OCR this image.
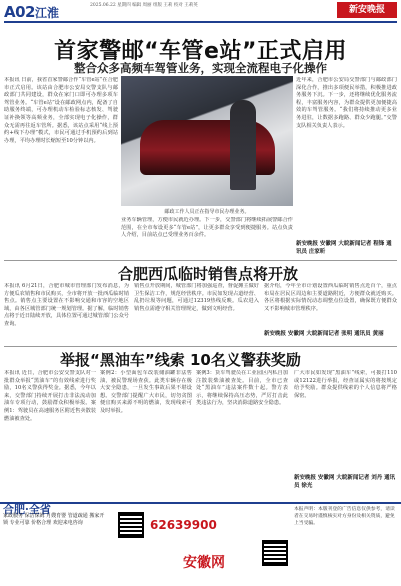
A02 江淮
2025.06.22 星期四 编辑 周丽 组版 王莉 校对 王莉英	新安晚报
首家警邮“车管e站”正式启用
整合众多高频车驾管业务，实现全流程电子化操作
本报讯 日前，我省首家警邮合作“车管e站”在合肥市正式启用。该站由合肥市公安局交警支队与邮政部门共同建设，群众在家门口即可办理多项车驾管业务。“车管e站”设在邮政网点内，配备了自助服务终端，可办理机动车检验标志核发、驾驶证补换领等高频业务，全部实现电子化操作，群众无需再往返车管所。据悉，该站点采用“线上预约+线下办理”模式，市民可通过手机预约后到站办理，平均办理时长缩短至10分钟以内。
邮政工作人员正在指导市民办理业务。
业务车辆管理，方便市民就近办理。下一步，交警部门将继续拓展警邮合作范围，在全市布设更多“车管e站”，让更多群众享受到便捷服务。站点负责人介绍，目前站点已受理业务百余件。
近年来，合肥市公安局交警部门与邮政部门深化合作，推出多项便民举措，积极推进政务服务下沉。下一步，还将继续优化服务流程，丰富服务内容，为群众提供更加便捷高效的车驾管服务。“我们将持续推动更多业务进驻，让数据多跑路、群众少跑腿。”交警支队相关负责人表示。
新安晚报 安徽网 大皖新闻记者 程锋 通讯员 庄家昕
合肥西瓜临时销售点将开放
本报讯 6月21日，合肥市城市管理部门发布消息，为方便瓜农销售和市民购买，全市将开放一批西瓜临时销售点。销售点主要设置在不影响交通和市容的空地区域，由各区城管部门统一规划管理。据了解，临时销售点将于近日陆续开放，具体位置可通过城管部门公众号查询。
销售点开放期间，城管部门将加强巡查，督促摊主做好卫生保洁工作，规范经营秩序。市民如发现占道经营、乱扔垃圾等问题，可通过12319热线反映。瓜农进入销售点需遵守相关管理规定，做到文明经营。
据介绍，今年全市计划设置西瓜临时销售点近百个，重点布局在居民区周边和主要道路附近，方便群众就近购买。各区将根据实际情况动态调整点位设置，确保既方便群众又不影响城市管理秩序。
新安晚报 安徽网 大皖新闻记者 张明 通讯员 黄丽
举报“黑油车”线索 10名义警获奖励
本报讯 近日，合肥市公安交警支队对一批群众举报“黑油车”的有效线索进行奖励，10名义警获得奖金。据悉，今年以来，交警部门持续开展打击非法流动加油车专项行动，鼓励群众积极举报。案例1：驾驶员在高速服务区附近售卖散装燃油被查处。
案例2：小型面包车改装储油罐非法售油，被民警现场查获。此类车辆存在极大安全隐患，一旦发生事故后果不堪设想。交警部门提醒广大市民，切勿贪图便宜购买来源不明的燃油，发现线索可及时举报。
案例3：货车驾驶员在工业园区内私自加注散装柴油被查处。目前，全市已查处“黑油车”违法案件数十起。警方表示，将继续保持高压态势，严厉打击此类违法行为，坚决消除道路安全隐患。
广大市民如发现“黑油车”线索，可拨打110或12122进行举报，经查证属实的将按规定给予奖励。群众提供线索的个人信息将严格保密。
新安晚报 安徽网 大皖新闻记者 刘丹 通讯员 徐光
合肥·全省
家政服务 保洁保姆 月嫂育婴 管道疏通 搬家开锁 专业可靠 价格合理 欢迎来电咨询	62639900
安徽网
本报声明：本版刊登的广告信息仅供参考，请读者在交易时谨慎核实对方身份及相关资质，避免上当受骗。
